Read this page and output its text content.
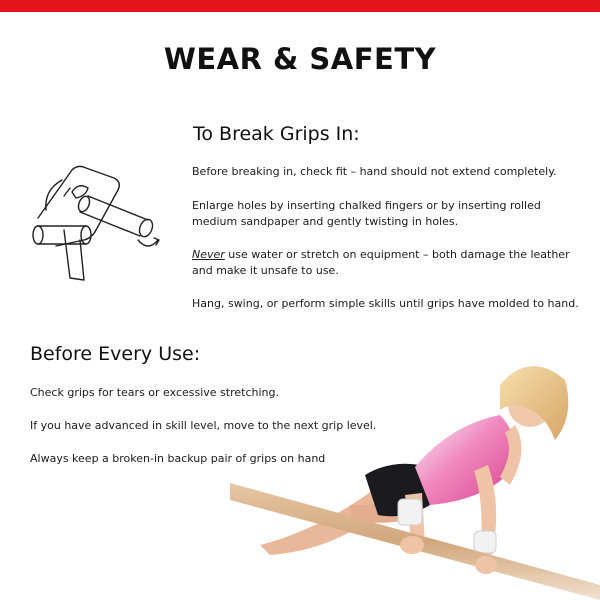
WEAR & SAFETY
To Break Grips In:
Before breaking in, check fit – hand should not extend completely.
Enlarge holes by inserting chalked fingers or by inserting rolled medium sandpaper and gently twisting in holes.
Never use water or stretch on equipment – both damage the leather and make it unsafe to use.
Hang, swing, or perform simple skills until grips have molded to hand.
Before Every Use:
Check grips for tears or excessive stretching.
If you have advanced in skill level, move to the next grip level.
Always keep a broken-in backup pair of grips on hand
